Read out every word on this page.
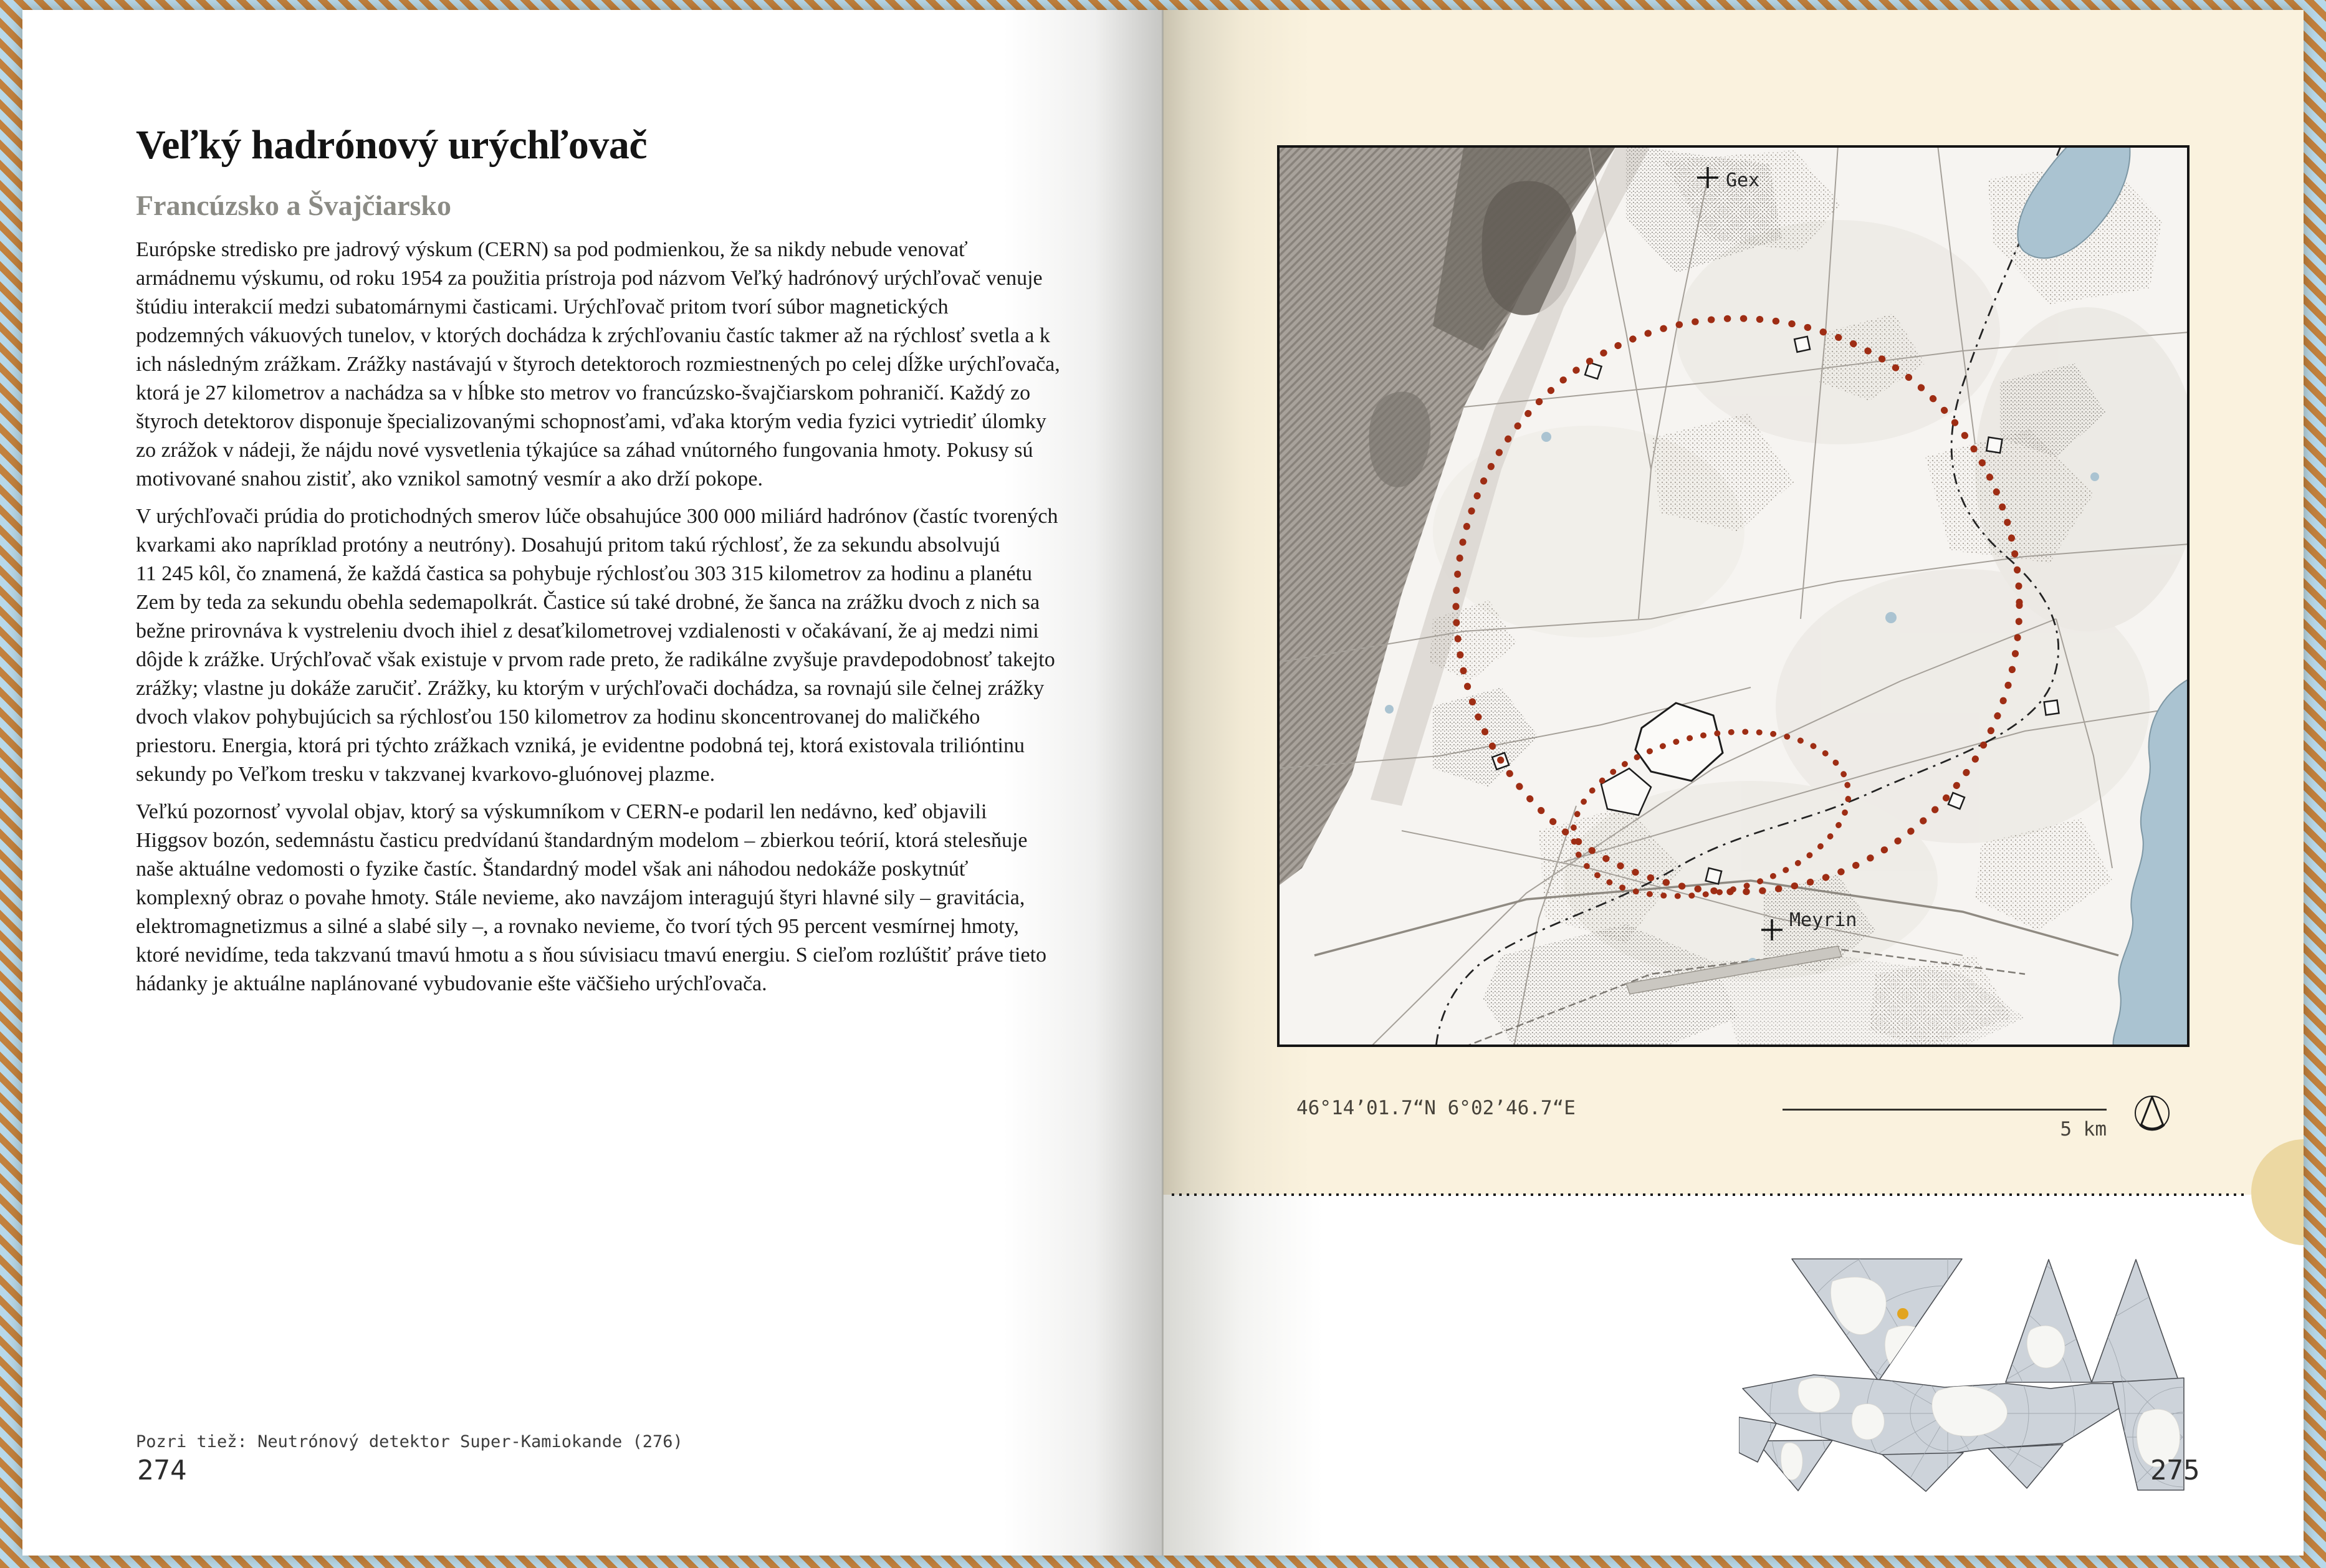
Veľký hadrónový urýchľovač
Francúzsko a Švajčiarsko

Európske stredisko pre jadrový výskum (CERN) sa pod podmienkou, že sa nikdy nebude venovať armádnemu výskumu, od roku 1954 za použitia prístroja pod názvom Veľký hadrónový urýchľovač venuje štúdiu interakcií medzi subatomárnymi časticami. Urýchľovač pritom tvorí súbor magnetických podzemných vákuových tunelov, v ktorých dochádza k zrýchľovaniu častíc takmer až na rýchlosť svetla a k ich následným zrážkam. Zrážky nastávajú v štyroch detektoroch rozmiestnených po celej dĺžke urýchľovača, ktorá je 27 kilometrov a nachádza sa v hĺbke sto metrov vo francúzsko-švajčiarskom pohraničí. Každý zo štyroch detektorov disponuje špecializovanými schopnosťami, vďaka ktorým vedia fyzici vytriediť úlomky zo zrážok v nádeji, že nájdu nové vysvetlenia týkajúce sa záhad vnútorného fungovania hmoty. Pokusy sú motivované snahou zistiť, ako vznikol samotný vesmír a ako drží pokope.

V urýchľovači prúdia do protichodných smerov lúče obsahujúce 300 000 miliárd hadrónov (častíc tvorených kvarkami ako napríklad protóny a neutróny). Dosahujú pritom takú rýchlosť, že za sekundu absolvujú 11 245 kôl, čo znamená, že každá častica sa pohybuje rýchlosťou 303 315 kilometrov za hodinu a planétu Zem by teda za sekundu obehla sedemapolkrát. Častice sú také drobné, že šanca na zrážku dvoch z nich sa bežne prirovnáva k vystreleniu dvoch ihiel z desaťkilometrovej vzdialenosti v očakávaní, že aj medzi nimi dôjde k zrážke. Urýchľovač však existuje v prvom rade preto, že radikálne zvyšuje pravdepodobnosť takejto zrážky; vlastne ju dokáže zaručiť. Zrážky, ku ktorým v urýchľovači dochádza, sa rovnajú sile čelnej zrážky dvoch vlakov pohybujúcich sa rýchlosťou 150 kilometrov za hodinu skoncentrovanej do maličkého priestoru. Energia, ktorá pri týchto zrážkach vzniká, je evidentne podobná tej, ktorá existovala trilióntinu sekundy po Veľkom tresku v takzvanej kvarkovo-gluónovej plazme.

Veľkú pozornosť vyvolal objav, ktorý sa výskumníkom v CERN-e podaril len nedávno, keď objavili Higgsov bozón, sedemnástu časticu predvídanú štandardným modelom – zbierkou teórií, ktorá stelesňuje naše aktuálne vedomosti o fyzike častíc. Štandardný model však ani náhodou nedokáže poskytnúť komplexný obraz o povahe hmoty. Stále nevieme, ako navzájom interagujú štyri hlavné sily – gravitácia, elektromagnetizmus a silné a slabé sily –, a rovnako nevieme, čo tvorí tých 95 percent vesmírnej hmoty, ktoré nevidíme, teda takzvanú tmavú hmotu a s ňou súvisiacu tmavú energiu. S cieľom rozlúštiť práve tieto hádanky je aktuálne naplánované vybudovanie ešte väčšieho urýchľovača.

Pozri tiež: Neutrónový detektor Super-Kamiokande (276)
274
Gex
Meyrin
46°14’01.7“N 6°02’46.7“E
5 km
275
